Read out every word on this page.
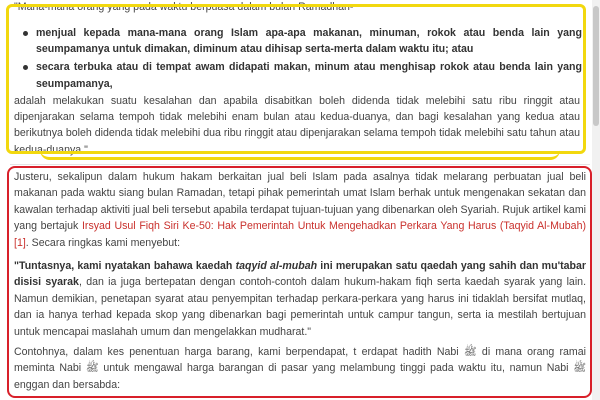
"Mana-mana orang yang pada waktu berpuasa dalam bulan Ramadhan-
menjual kepada mana-mana orang Islam apa-apa makanan, minuman, rokok atau benda lain yang seumpamanya untuk dimakan, diminum atau dihisap serta-merta dalam waktu itu; atau
secara terbuka atau di tempat awam didapati makan, minum atau menghisap rokok atau benda lain yang seumpamanya,
adalah melakukan suatu kesalahan dan apabila disabitkan boleh didenda tidak melebihi satu ribu ringgit atau dipenjarakan selama tempoh tidak melebihi enam bulan atau kedua-duanya, dan bagi kesalahan yang kedua atau berikutnya boleh didenda tidak melebihi dua ribu ringgit atau dipenjarakan selama tempoh tidak melebihi satu tahun atau kedua-duanya."
Justeru, sekalipun dalam hukum hakam berkaitan jual beli Islam pada asalnya tidak melarang perbuatan jual beli makanan pada waktu siang bulan Ramadan, tetapi pihak pemerintah umat Islam berhak untuk mengenakan sekatan dan kawalan terhadap aktiviti jual beli tersebut apabila terdapat tujuan-tujuan yang dibenarkan oleh Syariah. Rujuk artikel kami yang bertajuk Irsyad Usul Fiqh Siri Ke-50: Hak Pemerintah Untuk Mengehadkan Perkara Yang Harus (Taqyid Al-Mubah) [1]. Secara ringkas kami menyebut:
"Tuntasnya, kami nyatakan bahawa kaedah taqyid al-mubah ini merupakan satu qaedah yang sahih dan mu'tabar disisi syarak, dan ia juga bertepatan dengan contoh-contoh dalam hukum-hakam fiqh serta kaedah syarak yang lain. Namun demikian, penetapan syarat atau penyempitan terhadap perkara-perkara yang harus ini tidaklah bersifat mutlaq, dan ia hanya terhad kepada skop yang dibenarkan bagi pemerintah untuk campur tangun, serta ia mestilah bertujuan untuk mencapai maslahah umum dan mengelakkan mudharat."
Contohnya, dalam kes penentuan harga barang, kami berpendapat, t erdapat hadith Nabi ﷺ di mana orang ramai meminta Nabi ﷺ untuk mengawal harga barangan di pasar yang melambung tinggi pada waktu itu, namun Nabi ﷺ enggan dan bersabda:
